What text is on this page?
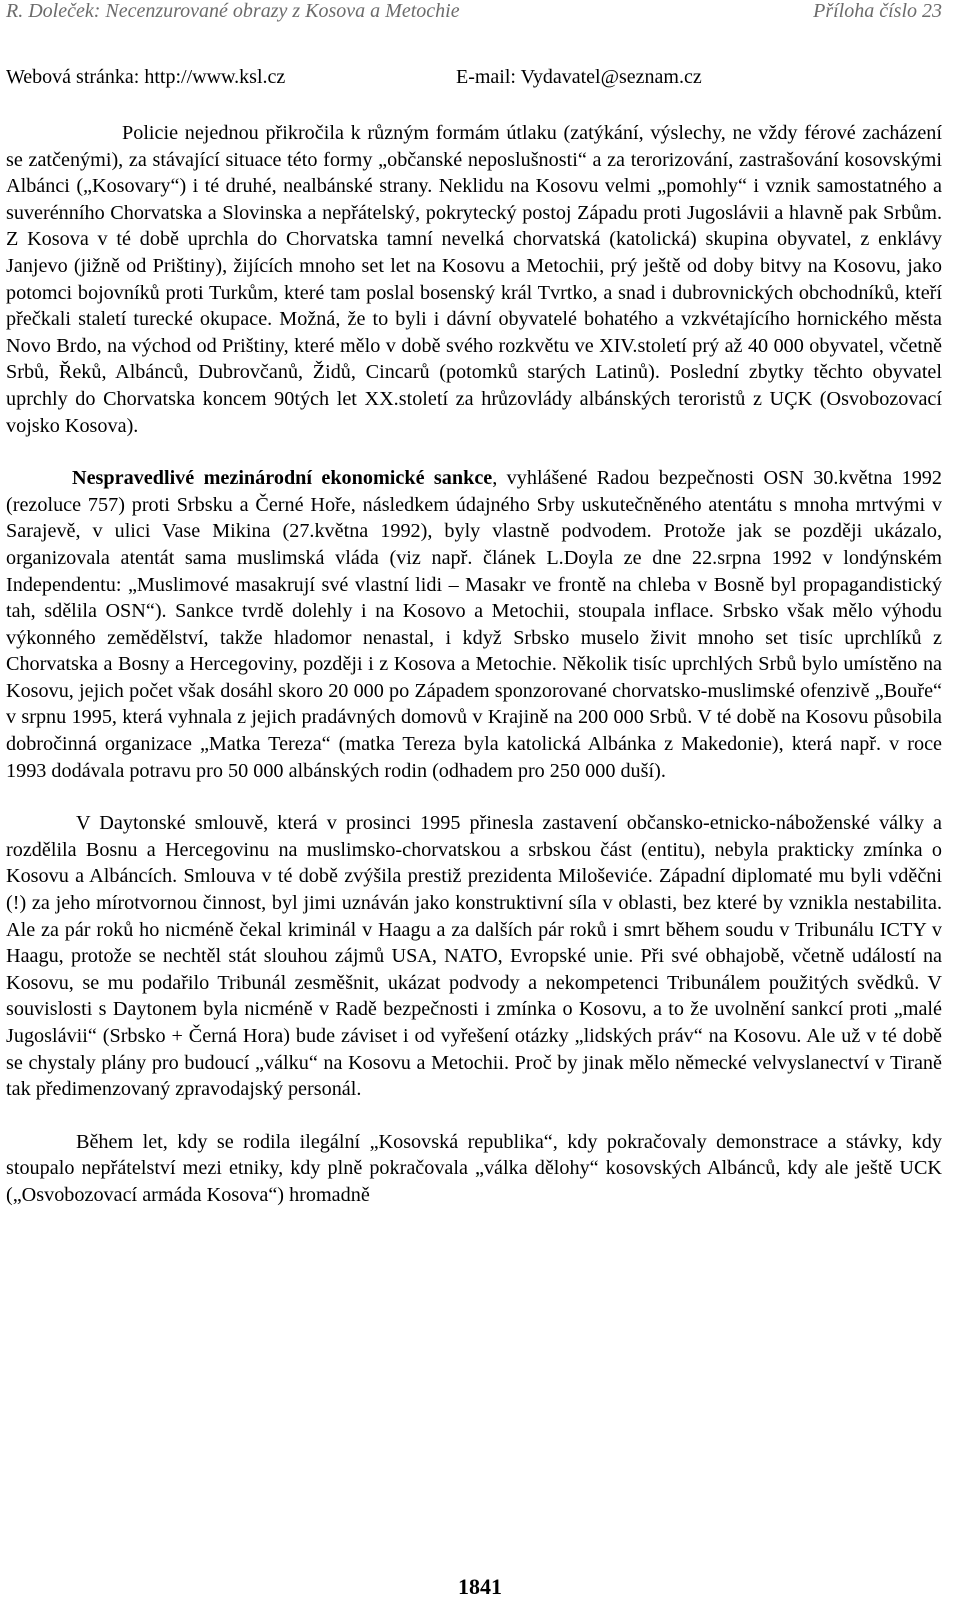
R. Doleček: Necenzurované obrazy z Kosova a Metochie	Příloha číslo 23
Webová stránka: http://www.ksl.cz	E-mail: Vydavatel@seznam.cz

Policie nejednou přikročila k různým formám útlaku (zatýkání, výslechy, ne vždy férové zacházení se zatčenými), za stávající situace této formy „občanské neposlušnosti“ a za terorizování, zastrašování kosovskými Albánci („Kosovary“) i té druhé, nealbánské strany. Neklidu na Kosovu velmi „pomohly“ i vznik samostatného a suverénního Chorvatska a Slovinska a nepřátelský, pokrytecký postoj Západu proti Jugoslávii a hlavně pak Srbům. Z Kosova v té době uprchla do Chorvatska tamní nevelká chorvatská (katolická) skupina obyvatel, z enklávy Janjevo (jižně od Prištiny), žijících mnoho set let na Kosovu a Metochii, prý ještě od doby bitvy na Kosovu, jako potomci bojovníků proti Turkům, které tam poslal bosenský král Tvrtko, a snad i dubrovnických obchodníků, kteří přečkali staletí turecké okupace. Možná, že to byli i dávní obyvatelé bohatého a vzkvétajícího hornického města Novo Brdo, na východ od Prištiny, které mělo v době svého rozkvětu ve XIV.století prý až 40 000 obyvatel, včetně Srbů, Řeků, Albánců, Dubrovčanů, Židů, Cincarů (potomků starých Latinů). Poslední zbytky těchto obyvatel uprchly do Chorvatska koncem 90tých let XX.století za hrůzovlády albánských teroristů z UÇK (Osvobozovací vojsko Kosova).

Nespravedlivé mezinárodní ekonomické sankce, vyhlášené Radou bezpečnosti OSN 30.května 1992 (rezoluce 757) proti Srbsku a Černé Hoře, následkem údajného Srby uskutečněného atentátu s mnoha mrtvými v Sarajevě, v ulici Vase Mikina (27.května 1992), byly vlastně podvodem. Protože jak se později ukázalo, organizovala atentát sama muslimská vláda (viz např. článek L.Doyla ze dne 22.srpna 1992 v londýnském Independentu: „Muslimové masakrují své vlastní lidi – Masakr ve frontě na chleba v Bosně byl propagandistický tah, sdělila OSN“). Sankce tvrdě dolehly i na Kosovo a Metochii, stoupala inflace. Srbsko však mělo výhodu výkonného zemědělství, takže hladomor nenastal, i když Srbsko muselo živit mnoho set tisíc uprchlíků z Chorvatska a Bosny a Hercegoviny, později i z Kosova a Metochie. Několik tisíc uprchlých Srbů bylo umístěno na Kosovu, jejich počet však dosáhl skoro 20 000 po Západem sponzorované chorvatsko-muslimské ofenzivě „Bouře“ v srpnu 1995, která vyhnala z jejich pradávných domovů v Krajině na 200 000 Srbů. V té době na Kosovu působila dobročinná organizace „Matka Tereza“ (matka Tereza byla katolická Albánka z Makedonie), která např. v roce 1993 dodávala potravu pro 50 000 albánských rodin (odhadem pro 250 000 duší).

V Daytonské smlouvě, která v prosinci 1995 přinesla zastavení občansko-etnicko-náboženské války a rozdělila Bosnu a Hercegovinu na muslimsko-chorvatskou a srbskou část (entitu), nebyla prakticky zmínka o Kosovu a Albáncích. Smlouva v té době zvýšila prestiž prezidenta Miloševiće. Západní diplomaté mu byli vděčni (!) za jeho mírotvornou činnost, byl jimi uznáván jako konstruktivní síla v oblasti, bez které by vznikla nestabilita. Ale za pár roků ho nicméně čekal kriminál v Haagu a za dalších pár roků i smrt během soudu v Tribunálu ICTY v Haagu, protože se nechtěl stát slouhou zájmů USA, NATO, Evropské unie. Při své obhajobě, včetně událostí na Kosovu, se mu podařilo Tribunál zesměšnit, ukázat podvody a nekompetenci Tribunálem použitých svědků. V souvislosti s Daytonem byla nicméně v Radě bezpečnosti i zmínka o Kosovu, a to že uvolnění sankcí proti „malé Jugoslávii“ (Srbsko + Černá Hora) bude záviset i od vyřešení otázky „lidských práv“ na Kosovu. Ale už v té době se chystaly plány pro budoucí „válku“ na Kosovu a Metochii. Proč by jinak mělo německé velvyslanectví v Tiraně tak předimenzovaný zpravodajský personál.

Během let, kdy se rodila ilegální „Kosovská republika“, kdy pokračovaly demonstrace a stávky, kdy stoupalo nepřátelství mezi etniky, kdy plně pokračovala „válka dělohy“ kosovských Albánců, kdy ale ještě UCK („Osvobozovací armáda Kosova“) hromadně

1841
